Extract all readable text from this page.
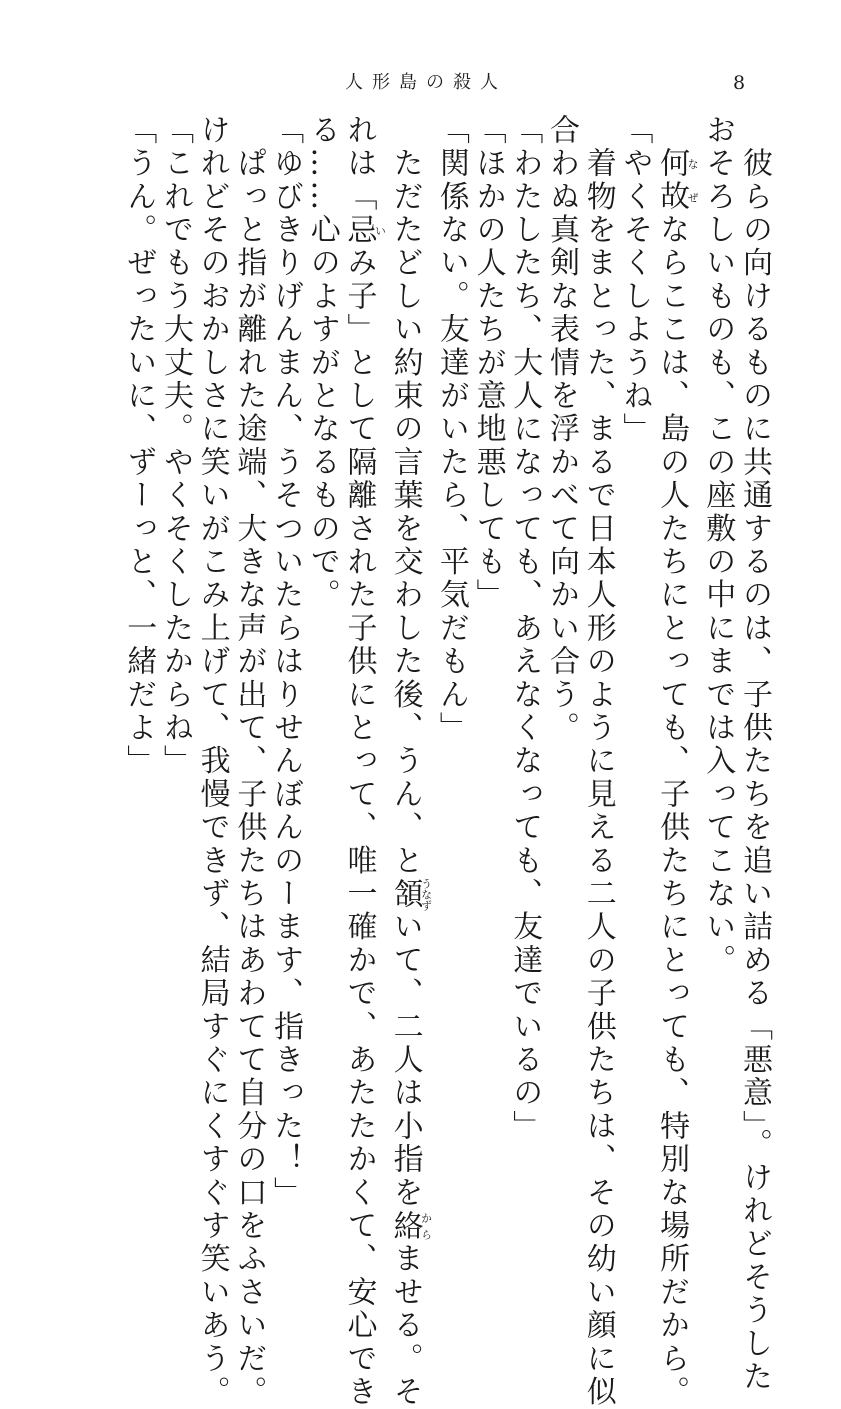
人形島の殺人	8
　彼らの向けるものに共通するのは、子供たちを追い詰める「悪意」。けれどそうした
おそろしいものも、この座敷の中にまでは入ってこない。
　何故なぜならここは、島の人たちにとっても、子供たちにとっても、特別な場所だから。
「やくそくしようね」
　着物をまとった、まるで日本人形のように見える二人の子供たちは、その幼い顔に似
合わぬ真剣な表情を浮かべて向かい合う。
「わたしたち、大人になっても、あえなくなっても、友達でいるの」
「ほかの人たちが意地悪しても」
「関係ない。友達がいたら、平気だもん」
　ただたどしい約束の言葉を交わした後、うん、と頷うなずいて、二人は小指を絡からませる。そ
れは「忌いみ子」として隔離された子供にとって、唯一確かで、あたたかくて、安心でき
る……心のよすがとなるもので。
「ゆびきりげんまん、うそついたらはりせんぼんのーます、指きった！」
　ぱっと指が離れた途端、大きな声が出て、子供たちはあわてて自分の口をふさいだ。
けれどそのおかしさに笑いがこみ上げて、我慢できず、結局すぐにくすぐす笑いあう。
「これでもう大丈夫。やくそくしたからね」
「うん。ぜったいに、ずーっと、一緒だよ」
